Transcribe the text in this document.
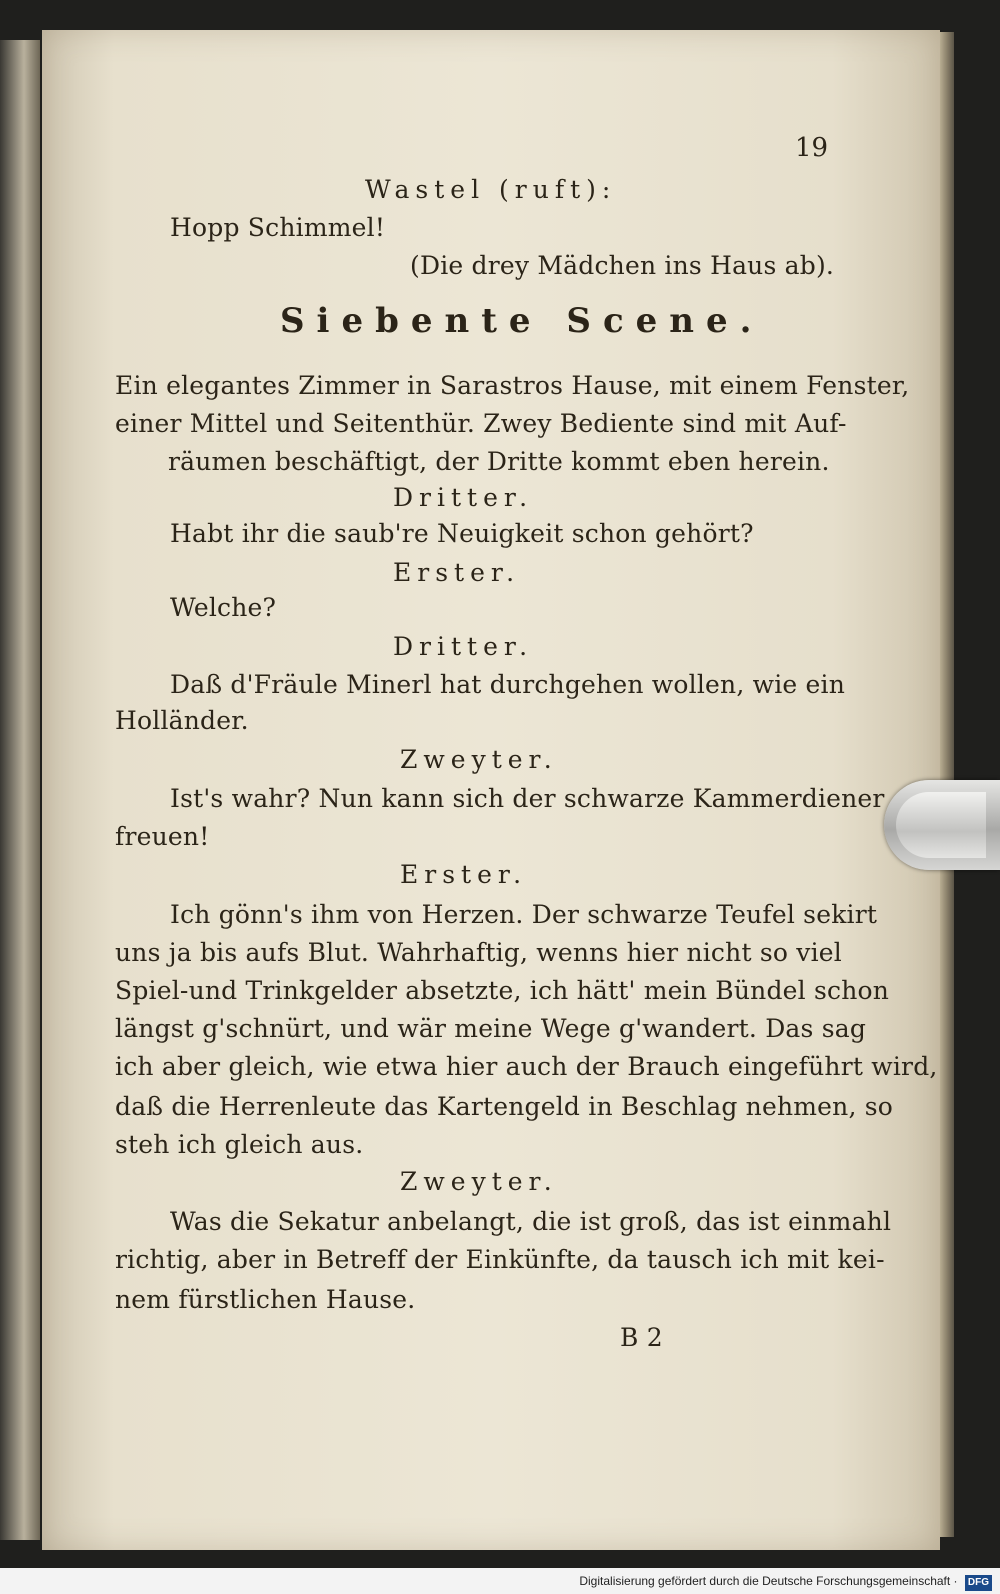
19
Wastel (ruft):
Hopp Schimmel!
(Die drey Mädchen ins Haus ab).
Siebente Scene.
Ein elegantes Zimmer in Sarastros Hause, mit einem Fenster,
einer Mittel und Seitenthür. Zwey Bediente sind mit Auf-
räumen beschäftigt, der Dritte kommt eben herein.
Dritter.
Habt ihr die saub're Neuigkeit schon gehört?
Erster.
Welche?
Dritter.
Daß d'Fräule Minerl hat durchgehen wollen, wie ein
Holländer.
Zweyter.
Ist's wahr? Nun kann sich der schwarze Kammerdiener
freuen!
Erster.
Ich gönn's ihm von Herzen. Der schwarze Teufel sekirt
uns ja bis aufs Blut. Wahrhaftig, wenns hier nicht so viel
Spiel-und Trinkgelder absetzte, ich hätt' mein Bündel schon
längst g'schnürt, und wär meine Wege g'wandert. Das sag
ich aber gleich, wie etwa hier auch der Brauch eingeführt wird,
daß die Herrenleute das Kartengeld in Beschlag nehmen, so
steh ich gleich aus.
Zweyter.
Was die Sekatur anbelangt, die ist groß, das ist einmahl
richtig, aber in Betreff der Einkünfte, da tausch ich mit kei-
nem fürstlichen Hause.
B 2
Digitalisierung gefördert durch die Deutsche Forschungsgemeinschaft · DFG
